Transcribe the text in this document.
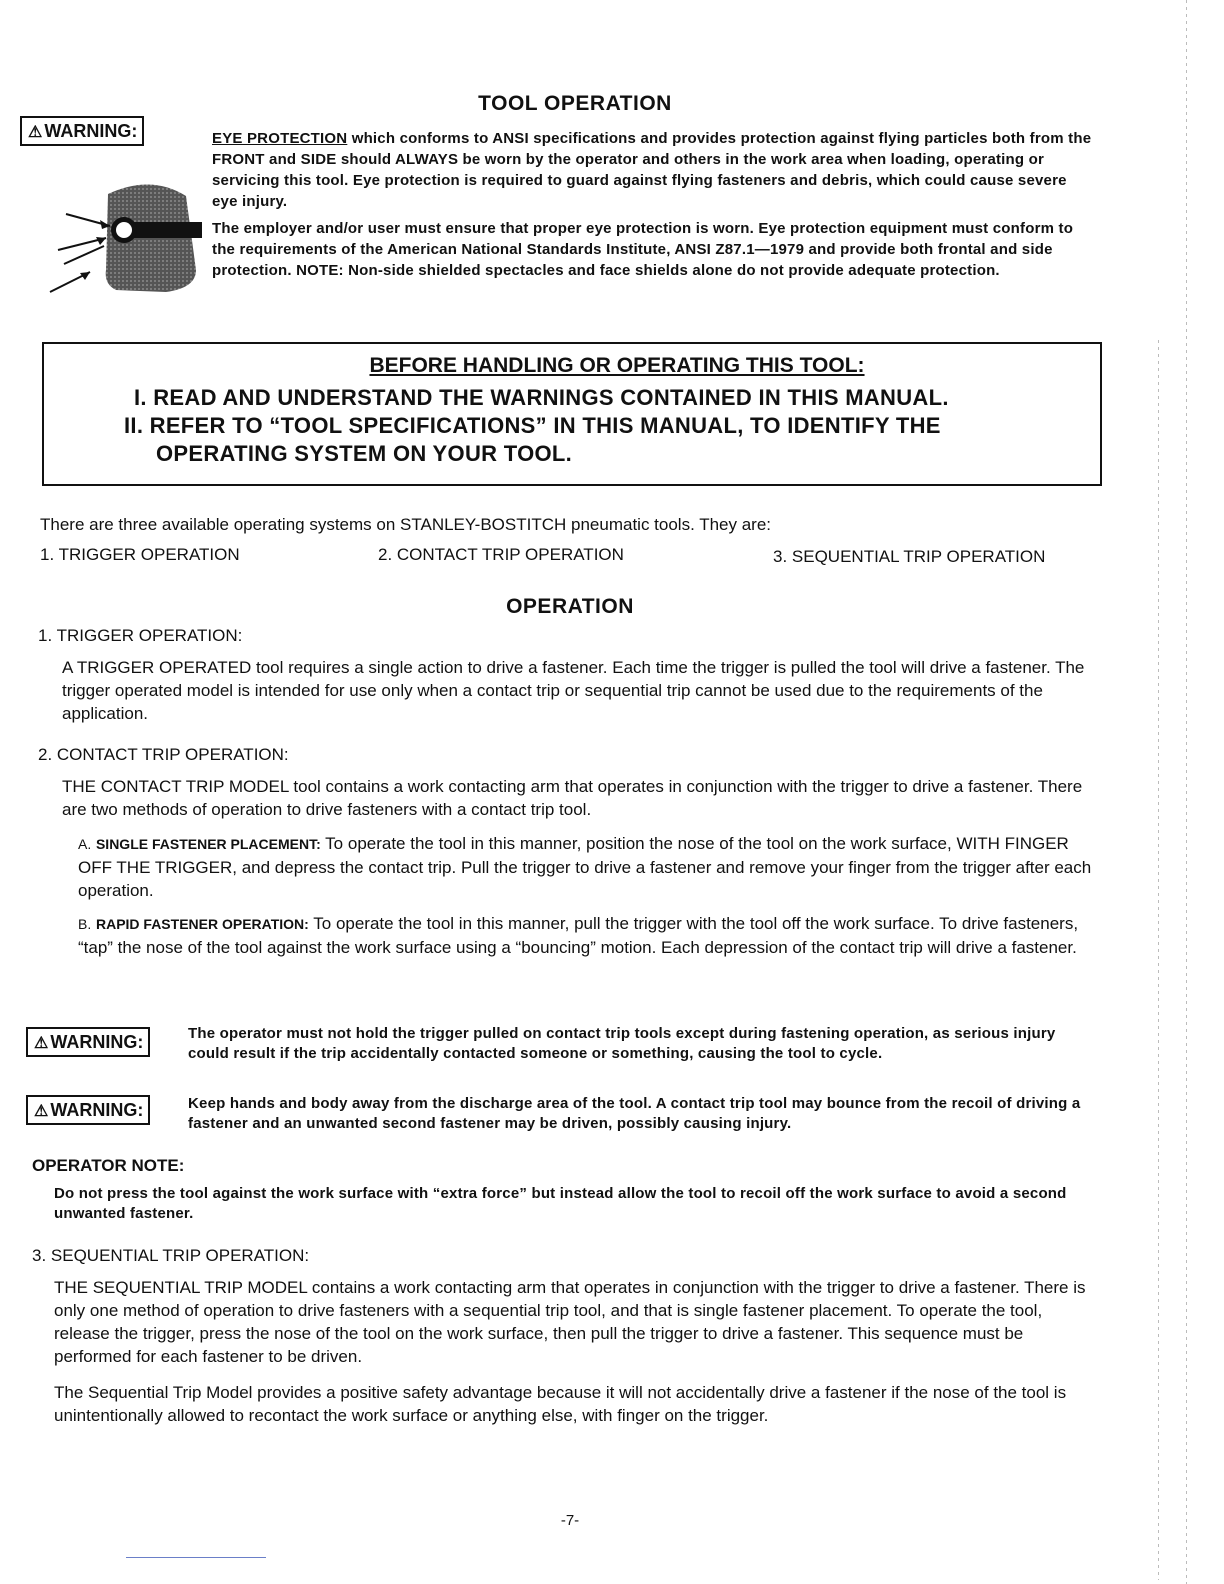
TOOL OPERATION
⚠ WARNING:	EYE PROTECTION which conforms to ANSI specifications and provides protection against flying particles both from the FRONT and SIDE should ALWAYS be worn by the operator and others in the work area when loading, operating or servicing this tool. Eye protection is required to guard against flying fasteners and debris, which could cause severe eye injury.

The employer and/or user must ensure that proper eye protection is worn. Eye protection equipment must conform to the requirements of the American National Standards Institute, ANSI Z87.1—1979 and provide both frontal and side protection. NOTE: Non-side shielded spectacles and face shields alone do not provide adequate protection.

BEFORE HANDLING OR OPERATING THIS TOOL:
I. READ AND UNDERSTAND THE WARNINGS CONTAINED IN THIS MANUAL.
II. REFER TO “TOOL SPECIFICATIONS” IN THIS MANUAL, TO IDENTIFY THE
OPERATING SYSTEM ON YOUR TOOL.
There are three available operating systems on STANLEY-BOSTITCH pneumatic tools. They are:
1. TRIGGER OPERATION	2. CONTACT TRIP OPERATION	3. SEQUENTIAL TRIP OPERATION
OPERATION
1. TRIGGER OPERATION:
A TRIGGER OPERATED tool requires a single action to drive a fastener. Each time the trigger is pulled the tool will drive a fastener. The trigger operated model is intended for use only when a contact trip or sequential trip cannot be used due to the requirements of the application.
2. CONTACT TRIP OPERATION:
THE CONTACT TRIP MODEL tool contains a work contacting arm that operates in conjunction with the trigger to drive a fastener. There are two methods of operation to drive fasteners with a contact trip tool.
A. SINGLE FASTENER PLACEMENT: To operate the tool in this manner, position the nose of the tool on the work surface, WITH FINGER OFF THE TRIGGER, and depress the contact trip. Pull the trigger to drive a fastener and remove your finger from the trigger after each operation.
B. RAPID FASTENER OPERATION: To operate the tool in this manner, pull the trigger with the tool off the work surface. To drive fasteners, “tap” the nose of the tool against the work surface using a “bouncing” motion. Each depression of the contact trip will drive a fastener.
⚠ WARNING:	The operator must not hold the trigger pulled on contact trip tools except during fastening operation, as serious injury could result if the trip accidentally contacted someone or something, causing the tool to cycle.
⚠ WARNING:	Keep hands and body away from the discharge area of the tool. A contact trip tool may bounce from the recoil of driving a fastener and an unwanted second fastener may be driven, possibly causing injury.
OPERATOR NOTE:
Do not press the tool against the work surface with “extra force” but instead allow the tool to recoil off the work surface to avoid a second unwanted fastener.
3. SEQUENTIAL TRIP OPERATION:
THE SEQUENTIAL TRIP MODEL contains a work contacting arm that operates in conjunction with the trigger to drive a fastener. There is only one method of operation to drive fasteners with a sequential trip tool, and that is single fastener placement. To operate the tool, release the trigger, press the nose of the tool on the work surface, then pull the trigger to drive a fastener. This sequence must be performed for each fastener to be driven.
The Sequential Trip Model provides a positive safety advantage because it will not accidentally drive a fastener if the nose of the tool is unintentionally allowed to recontact the work surface or anything else, with finger on the trigger.
-7-
